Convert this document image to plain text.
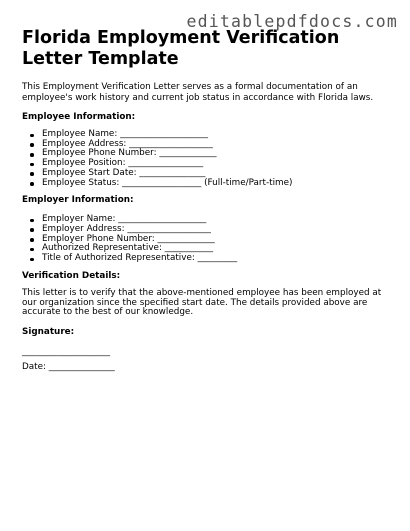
editablepdfdocs.com
Florida Employment Verification Letter Template

This Employment Verification Letter serves as a formal documentation of an employee's work history and current job status in accordance with Florida laws.

Employee Information:

Employee Name: ____________________
Employee Address: ___________________
Employee Phone Number: _____________
Employee Position: _________________
Employee Start Date: _______________
Employee Status: __________________ (Full-time/Part-time)

Employer Information:

Employer Name: ____________________
Employer Address: ___________________
Employer Phone Number: _____________
Authorized Representative: ___________
Title of Authorized Representative: _________

Verification Details:

This letter is to verify that the above-mentioned employee has been employed at our organization since the specified start date. The details provided above are accurate to the best of our knowledge.

Signature:

____________________
Date: _______________
